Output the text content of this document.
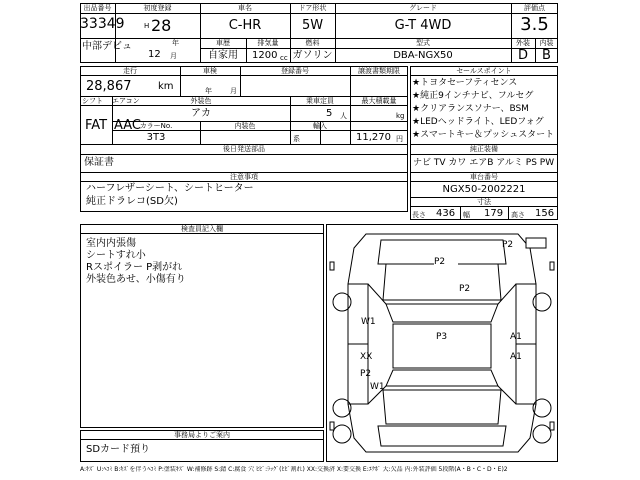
出品番号
33349
初度登録
H 28
年
中部デビュ
12 月
車名
C-HR
ドア形状
5W
グレード
G-T 4WD
評価点
3.5
車歴
自家用
排気量
1200 cc
燃料
ガソリン
型式
DBA-NGX50
外装	内装
D	B
走行
28,867	km
車検
年	月
登録番号	譲渡書類期限
シフト エアコン
FAT AAC
外装色
アカ
カラーNo.
3T3
内装色
系
乗車定員
5 人
最大積載量
kg
輸入
11,270 円
後日発送部品
保証書
注意事項
ハーフレザーシート、シートヒーター
純正ドラレコ(SD欠)
セールスポイント
★トヨタセーフティセンス
★純正9インチナビ、フルセグ
★クリアランスソナー、BSM
★LEDヘッドライト、LEDフォグ
★スマートキー＆プッシュスタート
純正装備
ナビ TV カワ エアB アルミ PS PW
車台番号
NGX50-2002221
寸法
長さ 436 幅 179 高さ 156
検査員記入欄
室内内張傷
シートすれ小
Rスポイラー P剥がれ
外装色あせ、小傷有り
事務局よりご案内
SDカード預り
P2
P2
P2
W1
P3	A1
XX	A1
P2
W1
A:ｷｽﾞ U:ﾍｺﾐ B:ｷｽﾞを伴うﾍｺﾐ P:塗装ｷｽﾞ W:補修跡 S:錆 C:腐食 穴 ﾋﾋﾞ:ﾗｯｸﾞ(ﾋﾋﾞ割れ) XX:交換済 X:要交換 E:ｴｸﾎﾞ 大:欠品 内:外装評価 5段階(A・B・C・D・E)2
